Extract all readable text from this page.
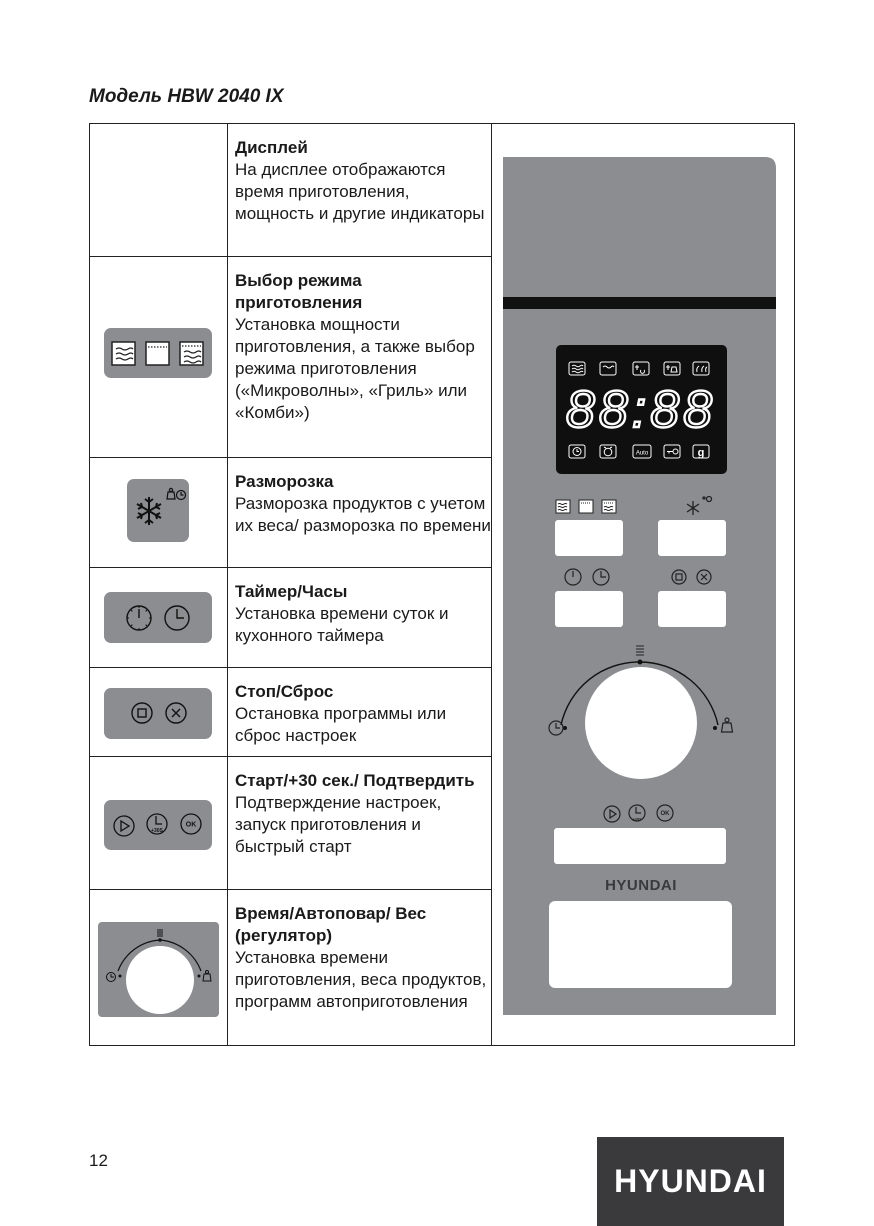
Модель HBW 2040 IX
Дисплей
На дисплее отображаются время приготовления, мощность и другие индикаторы
Выбор режима приготовления
Установка мощности приготовления, а также выбор режима приготовления («Микроволны», «Гриль» или «Комби»)
Разморозка
Разморозка продуктов с учетом их веса/ разморозка по времени
Таймер/Часы
Установка времени суток и кухонного таймера
Стоп/Сброс
Остановка программы или сброс настроек
Старт/+30 сек./ Подтвердить
Подтверждение настроек, запуск приготовления и быстрый старт
Время/Автоповар/ Вес (регулятор)
Установка времени приготовления, веса продуктов, программ автоприготовления
+30S
OK
88:88
Auto	g
+30S
OK
HYUNDAI
12
HYUNDAI
